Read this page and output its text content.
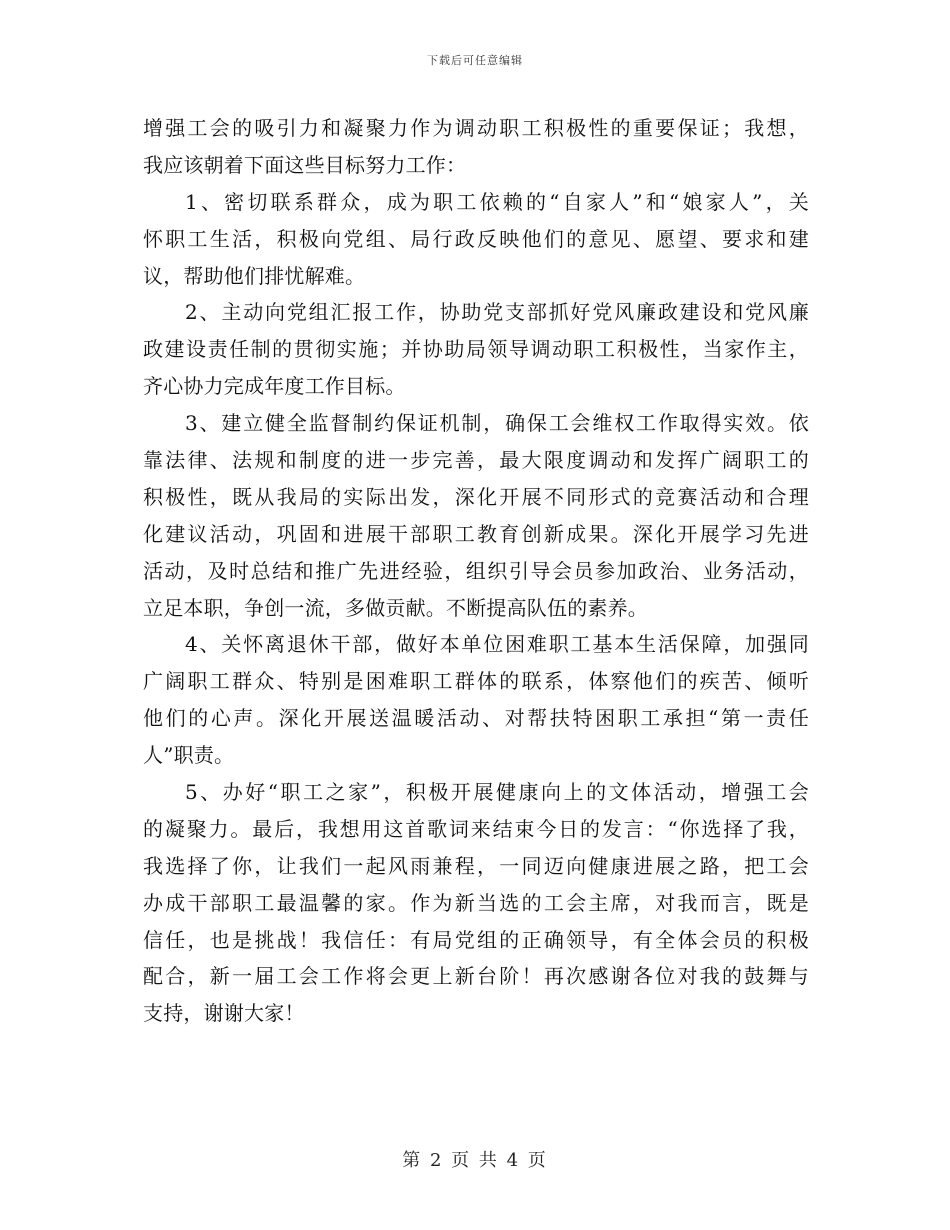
下载后可任意编辑
增强工会的吸引力和凝聚力作为调动职工积极性的重要保证；我想，
我应该朝着下面这些目标努力工作：
1、密切联系群众，成为职工依赖的“自家人”和“娘家人”，关
怀职工生活，积极向党组、局行政反映他们的意见、愿望、要求和建
议，帮助他们排忧解难。
2、主动向党组汇报工作，协助党支部抓好党风廉政建设和党风廉
政建设责任制的贯彻实施；并协助局领导调动职工积极性，当家作主，
齐心协力完成年度工作目标。
3、建立健全监督制约保证机制，确保工会维权工作取得实效。依
靠法律、法规和制度的进一步完善，最大限度调动和发挥广阔职工的
积极性，既从我局的实际出发，深化开展不同形式的竞赛活动和合理
化建议活动，巩固和进展干部职工教育创新成果。深化开展学习先进
活动，及时总结和推广先进经验，组织引导会员参加政治、业务活动，
立足本职，争创一流，多做贡献。不断提高队伍的素养。
4、关怀离退休干部，做好本单位困难职工基本生活保障，加强同
广阔职工群众、特别是困难职工群体的联系，体察他们的疾苦、倾听
他们的心声。深化开展送温暖活动、对帮扶特困职工承担“第一责任
人”职责。
5、办好“职工之家”，积极开展健康向上的文体活动，增强工会
的凝聚力。最后，我想用这首歌词来结束今日的发言：“你选择了我，
我选择了你，让我们一起风雨兼程，一同迈向健康进展之路，把工会
办成干部职工最温馨的家。作为新当选的工会主席，对我而言，既是
信任，也是挑战！我信任：有局党组的正确领导，有全体会员的积极
配合，新一届工会工作将会更上新台阶！再次感谢各位对我的鼓舞与
支持，谢谢大家！
第 2 页 共 4 页
